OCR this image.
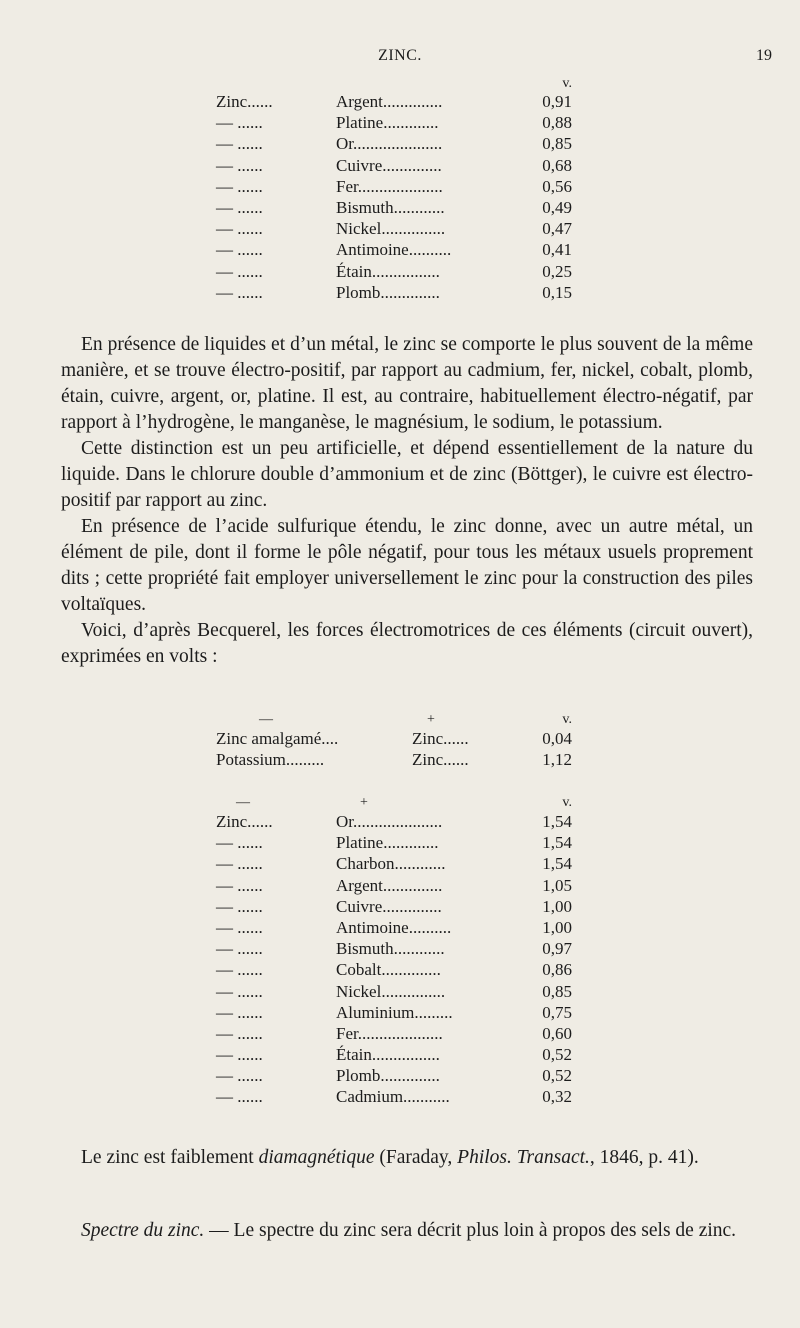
ZINC.	19
v.
Zinc......	Argent..............	0,91
— ......	Platine.............	0,88
— ......	Or.....................	0,85
— ......	Cuivre..............	0,68
— ......	Fer....................	0,56
— ......	Bismuth............	0,49
— ......	Nickel...............	0,47
— ......	Antimoine..........	0,41
— ......	Étain................	0,25
— ......	Plomb..............	0,15

En présence de liquides et d’un métal, le zinc se comporte le plus souvent de la même manière, et se trouve électro-positif, par rapport au cadmium, fer, nickel, cobalt, plomb, étain, cuivre, argent, or, platine. Il est, au contraire, habituellement électro-négatif, par rapport à l’hydrogène, le manganèse, le magnésium, le sodium, le potassium.

Cette distinction est un peu artificielle, et dépend essentiellement de la nature du liquide. Dans le chlorure double d’ammonium et de zinc (Böttger), le cuivre est électro-positif par rapport au zinc.

En présence de l’acide sulfurique étendu, le zinc donne, avec un autre métal, un élément de pile, dont il forme le pôle négatif, pour tous les métaux usuels proprement dits ; cette propriété fait employer universellement le zinc pour la construction des piles voltaïques.

Voici, d’après Becquerel, les forces électromotrices de ces éléments (circuit ouvert), exprimées en volts :

—	+	v.
Zinc amalgamé....	Zinc......	0,04
Potassium.........	Zinc......	1,12
—	+	v.
Zinc......	Or.....................	1,54
— ......	Platine.............	1,54
— ......	Charbon............	1,54
— ......	Argent..............	1,05
— ......	Cuivre..............	1,00
— ......	Antimoine..........	1,00
— ......	Bismuth............	0,97
— ......	Cobalt..............	0,86
— ......	Nickel...............	0,85
— ......	Aluminium.........	0,75
— ......	Fer....................	0,60
— ......	Étain................	0,52
— ......	Plomb..............	0,52
— ......	Cadmium...........	0,32

Le zinc est faiblement diamagnétique (Faraday, Philos. Transact., 1846, p. 41).

Spectre du zinc. — Le spectre du zinc sera décrit plus loin à propos des sels de zinc.
